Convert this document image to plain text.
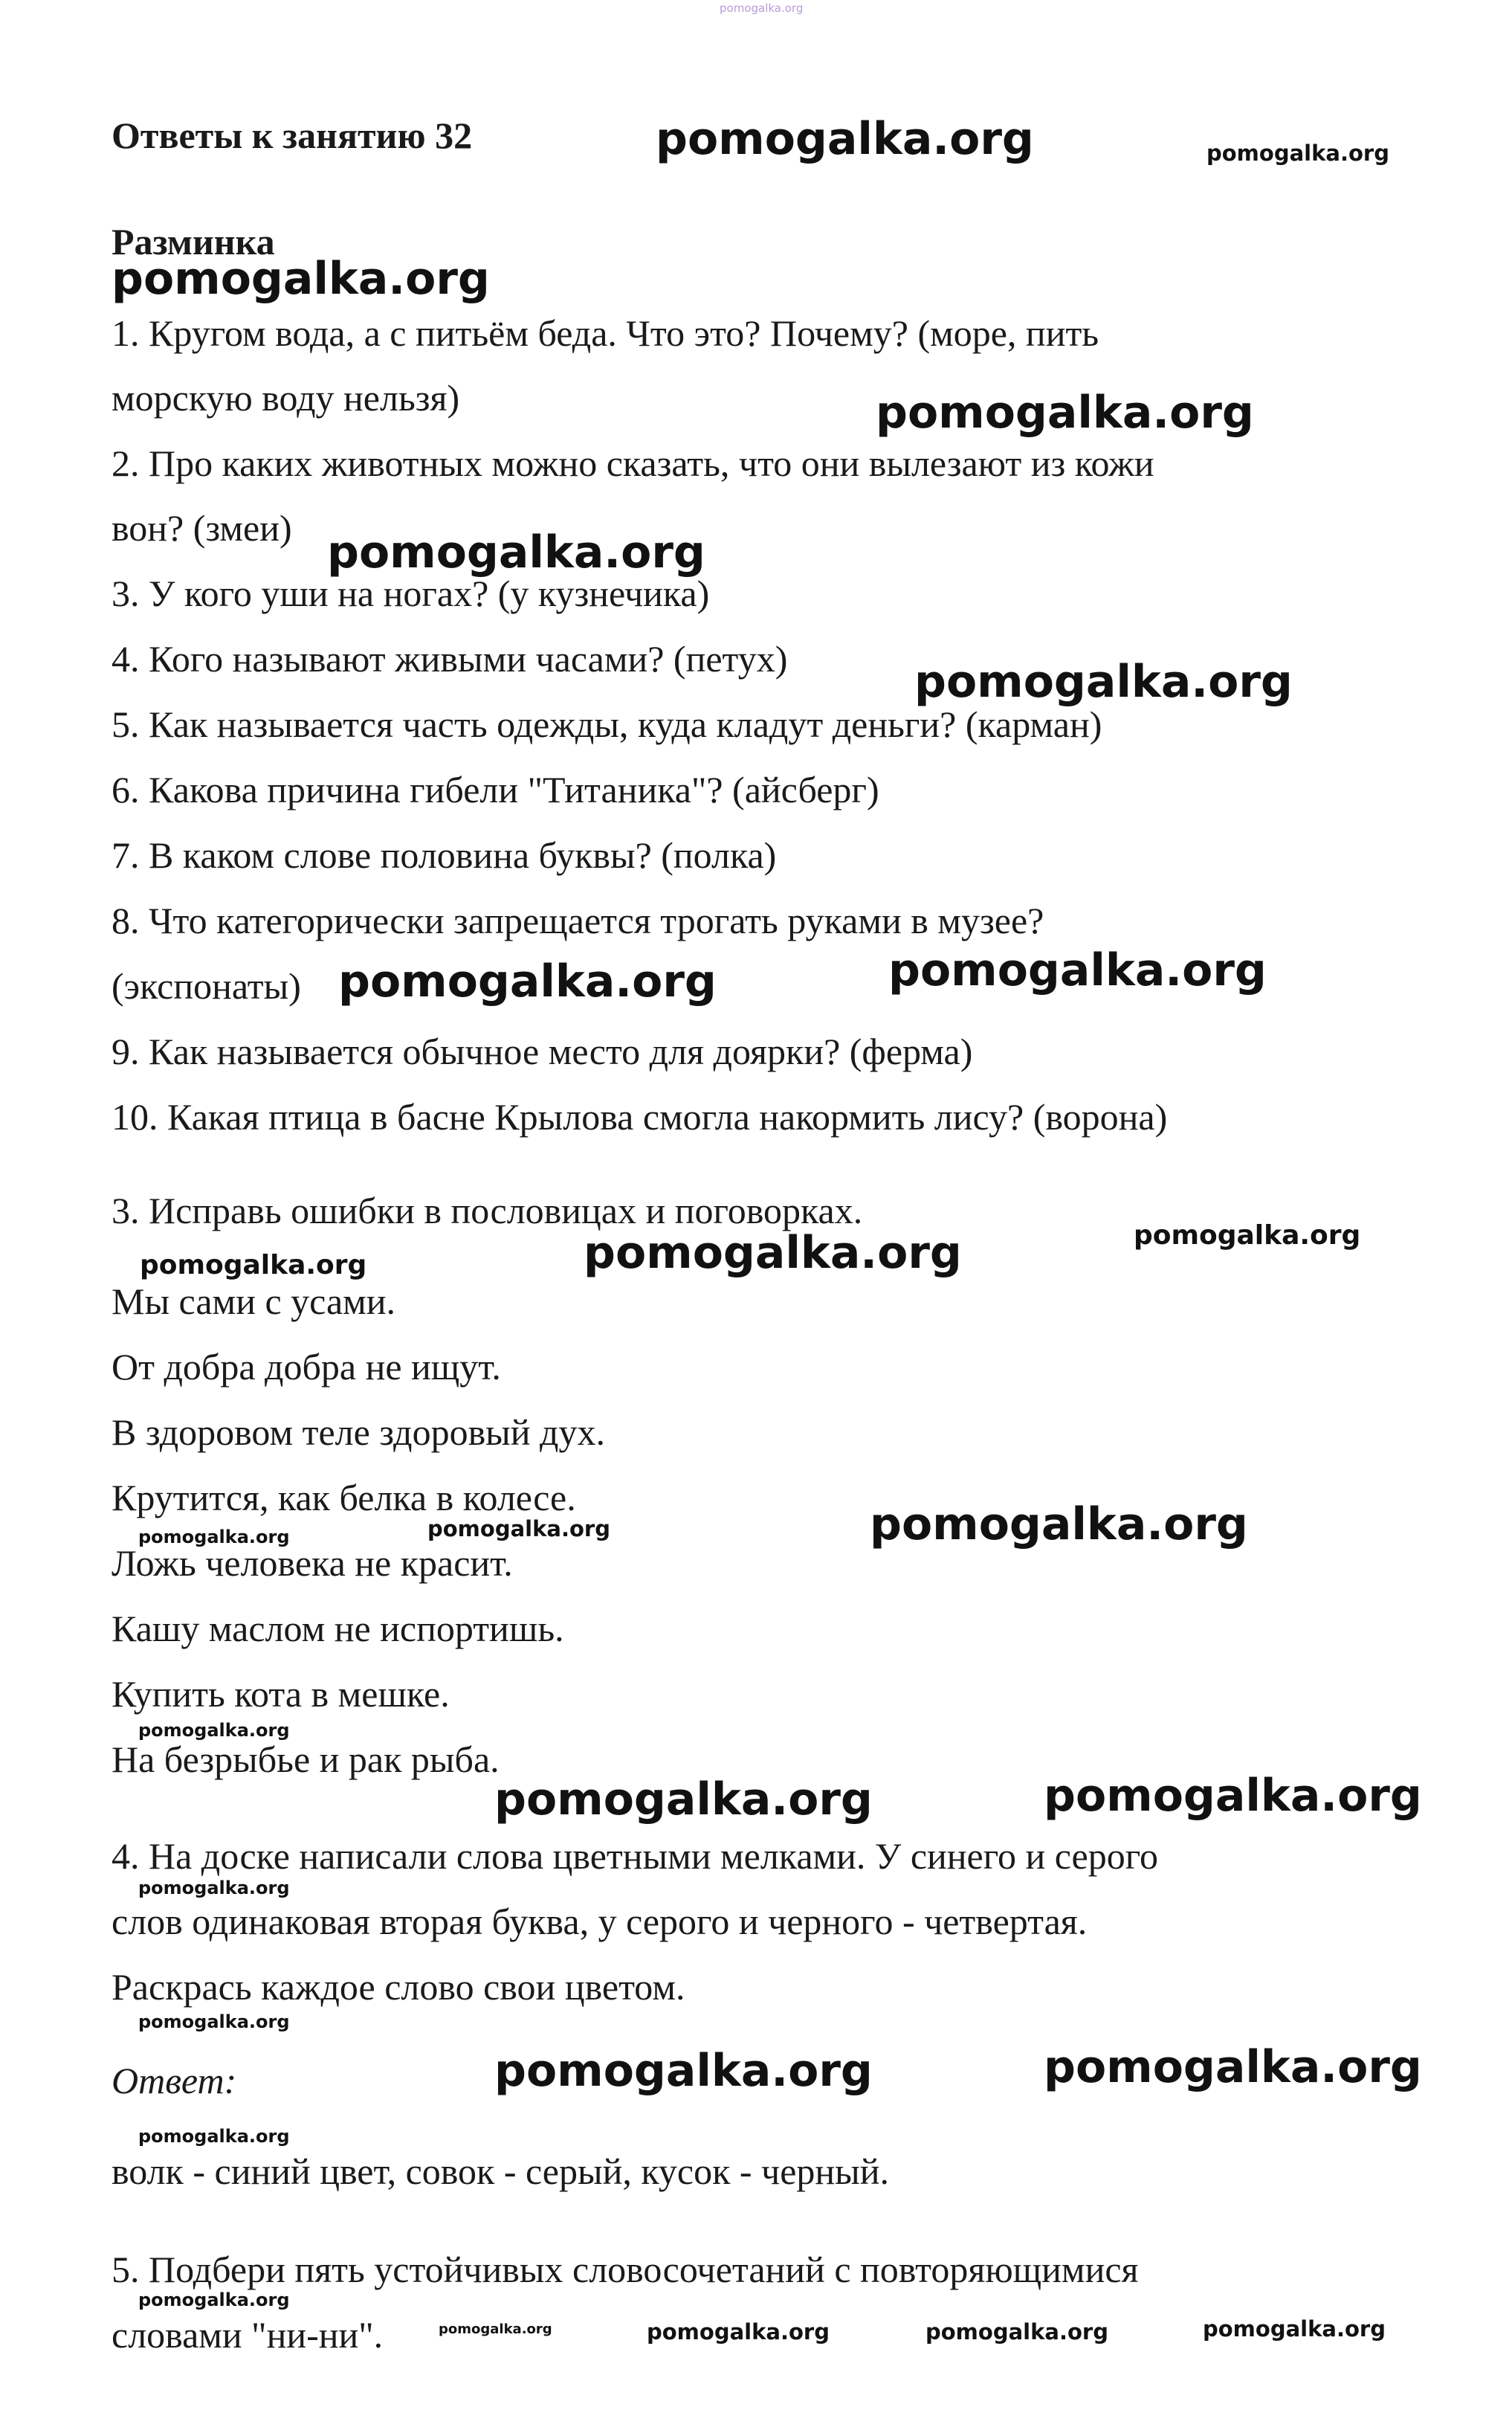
pomogalka.org

Ответы к занятию 32	pomogalka.org	pomogalka.org

Разминка

pomogalka.org

1. Кругом вода, а с питьём беда. Что это? Почему? (море, пить

морскую воду нельзя)	pomogalka.org

2. Про каких животных можно сказать, что они вылезают из кожи

вон? (змеи) pomogalka.org

3. У кого уши на ногах? (у кузнечика)

4. Кого называют живыми часами? (петух)	pomogalka.org

5. Как называется часть одежды, куда кладут деньги? (карман)

6. Какова причина гибели "Титаника"? (айсберг)

7. В каком слове половина буквы? (полка)

8. Что категорически запрещается трогать руками в музее?

pomogalka.org

(экспонаты) pomogalka.org

9. Как называется обычное место для доярки? (ферма)

10. Какая птица в басне Крылова смогла накормить лису? (ворона)

3. Исправь ошибки в пословицах и поговорках.

pomogalka.org
pomogalka.org
pomogalka.org

Мы сами с усами.

От добра добра не ищут.

В здоровом теле здоровый дух.

Крутится, как белка в колесе.

pomogalka.org	pomogalka.org	pomogalka.org

Ложь человека не красит.

Кашу маслом не испортишь.

Купить кота в мешке.

pomogalka.org

На безрыбье и рак рыба.

pomogalka.org	pomogalka.org

4. На доске написали слова цветными мелками. У синего и серого

pomogalka.org

слов одинаковая вторая буква, у серого и черного - четвертая.

Раскрась каждое слово свои цветом.

pomogalka.org

Ответ:	pomogalka.org	pomogalka.org
pomogalka.org

волк - синий цвет, совок - серый, кусок - черный.

5. Подбери пять устойчивых словосочетаний с повторяющимися

pomogalka.org

словами "ни-ни".	pomogalka.org	pomogalka.org	pomogalka.org	pomogalka.org
